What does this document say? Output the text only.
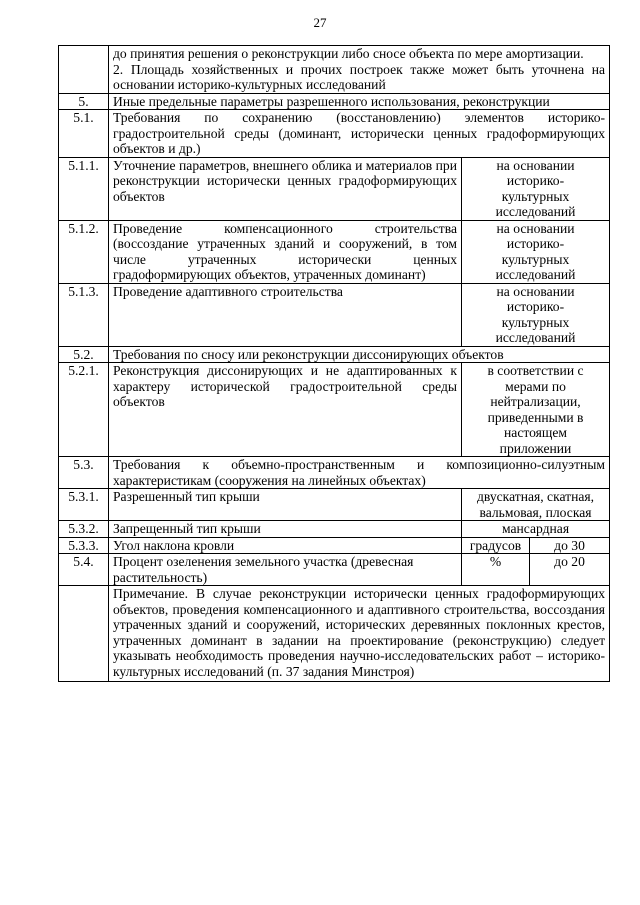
27

	до принятия решения о реконструкции либо сносе объекта по мере амортизации.
2. Площадь хозяйственных и прочих построек также может быть уточнена на основании историко-культурных исследований		

5.	Иные предельные параметры разрешенного использования, реконструкции		
5.1.	Требования по сохранению (восстановлению) элементов историко-градостроительной среды (доминант, исторически ценных градоформирующих объектов и др.)		
5.1.1.	Уточнение параметров, внешнего облика и материалов при реконструкции исторически ценных градоформирующих объектов	на основании историко-культурных исследований	
5.1.2.	Проведение компенсационного строительства (воссоздание утраченных зданий и сооружений, в том числе утраченных исторически ценных градоформирующих объектов, утраченных доминант)	на основании историко-культурных исследований	
5.1.3.	Проведение адаптивного строительства	на основании историко-культурных исследований	
5.2.	Требования по сносу или реконструкции диссонирующих объектов		
5.2.1.	Реконструкция диссонирующих и не адаптированных к характеру исторической градостроительной среды объектов	в соответствии с мерами по нейтрализации, приведенными в настоящем приложении	
5.3.	Требования к объемно-пространственным и композиционно-силуэтным характеристикам (сооружения на линейных объектах)		
5.3.1.	Разрешенный тип крыши	двускатная, скатная, вальмовая, плоская	
5.3.2.	Запрещенный тип крыши	мансардная	
5.3.3.	Угол наклона кровли	градусов	до 30
5.4.	Процент озеленения земельного участка (древесная растительность)	%	до 20
	Примечание. В случае реконструкции исторически ценных градоформирующих объектов, проведения компенсационного и адаптивного строительства, воссоздания утраченных зданий и сооружений, исторических деревянных поклонных крестов, утраченных доминант в задании на проектирование (реконструкцию) следует указывать необходимость проведения научно-исследовательских работ – историко-культурных исследований (п. 37 задания Минстроя)		
